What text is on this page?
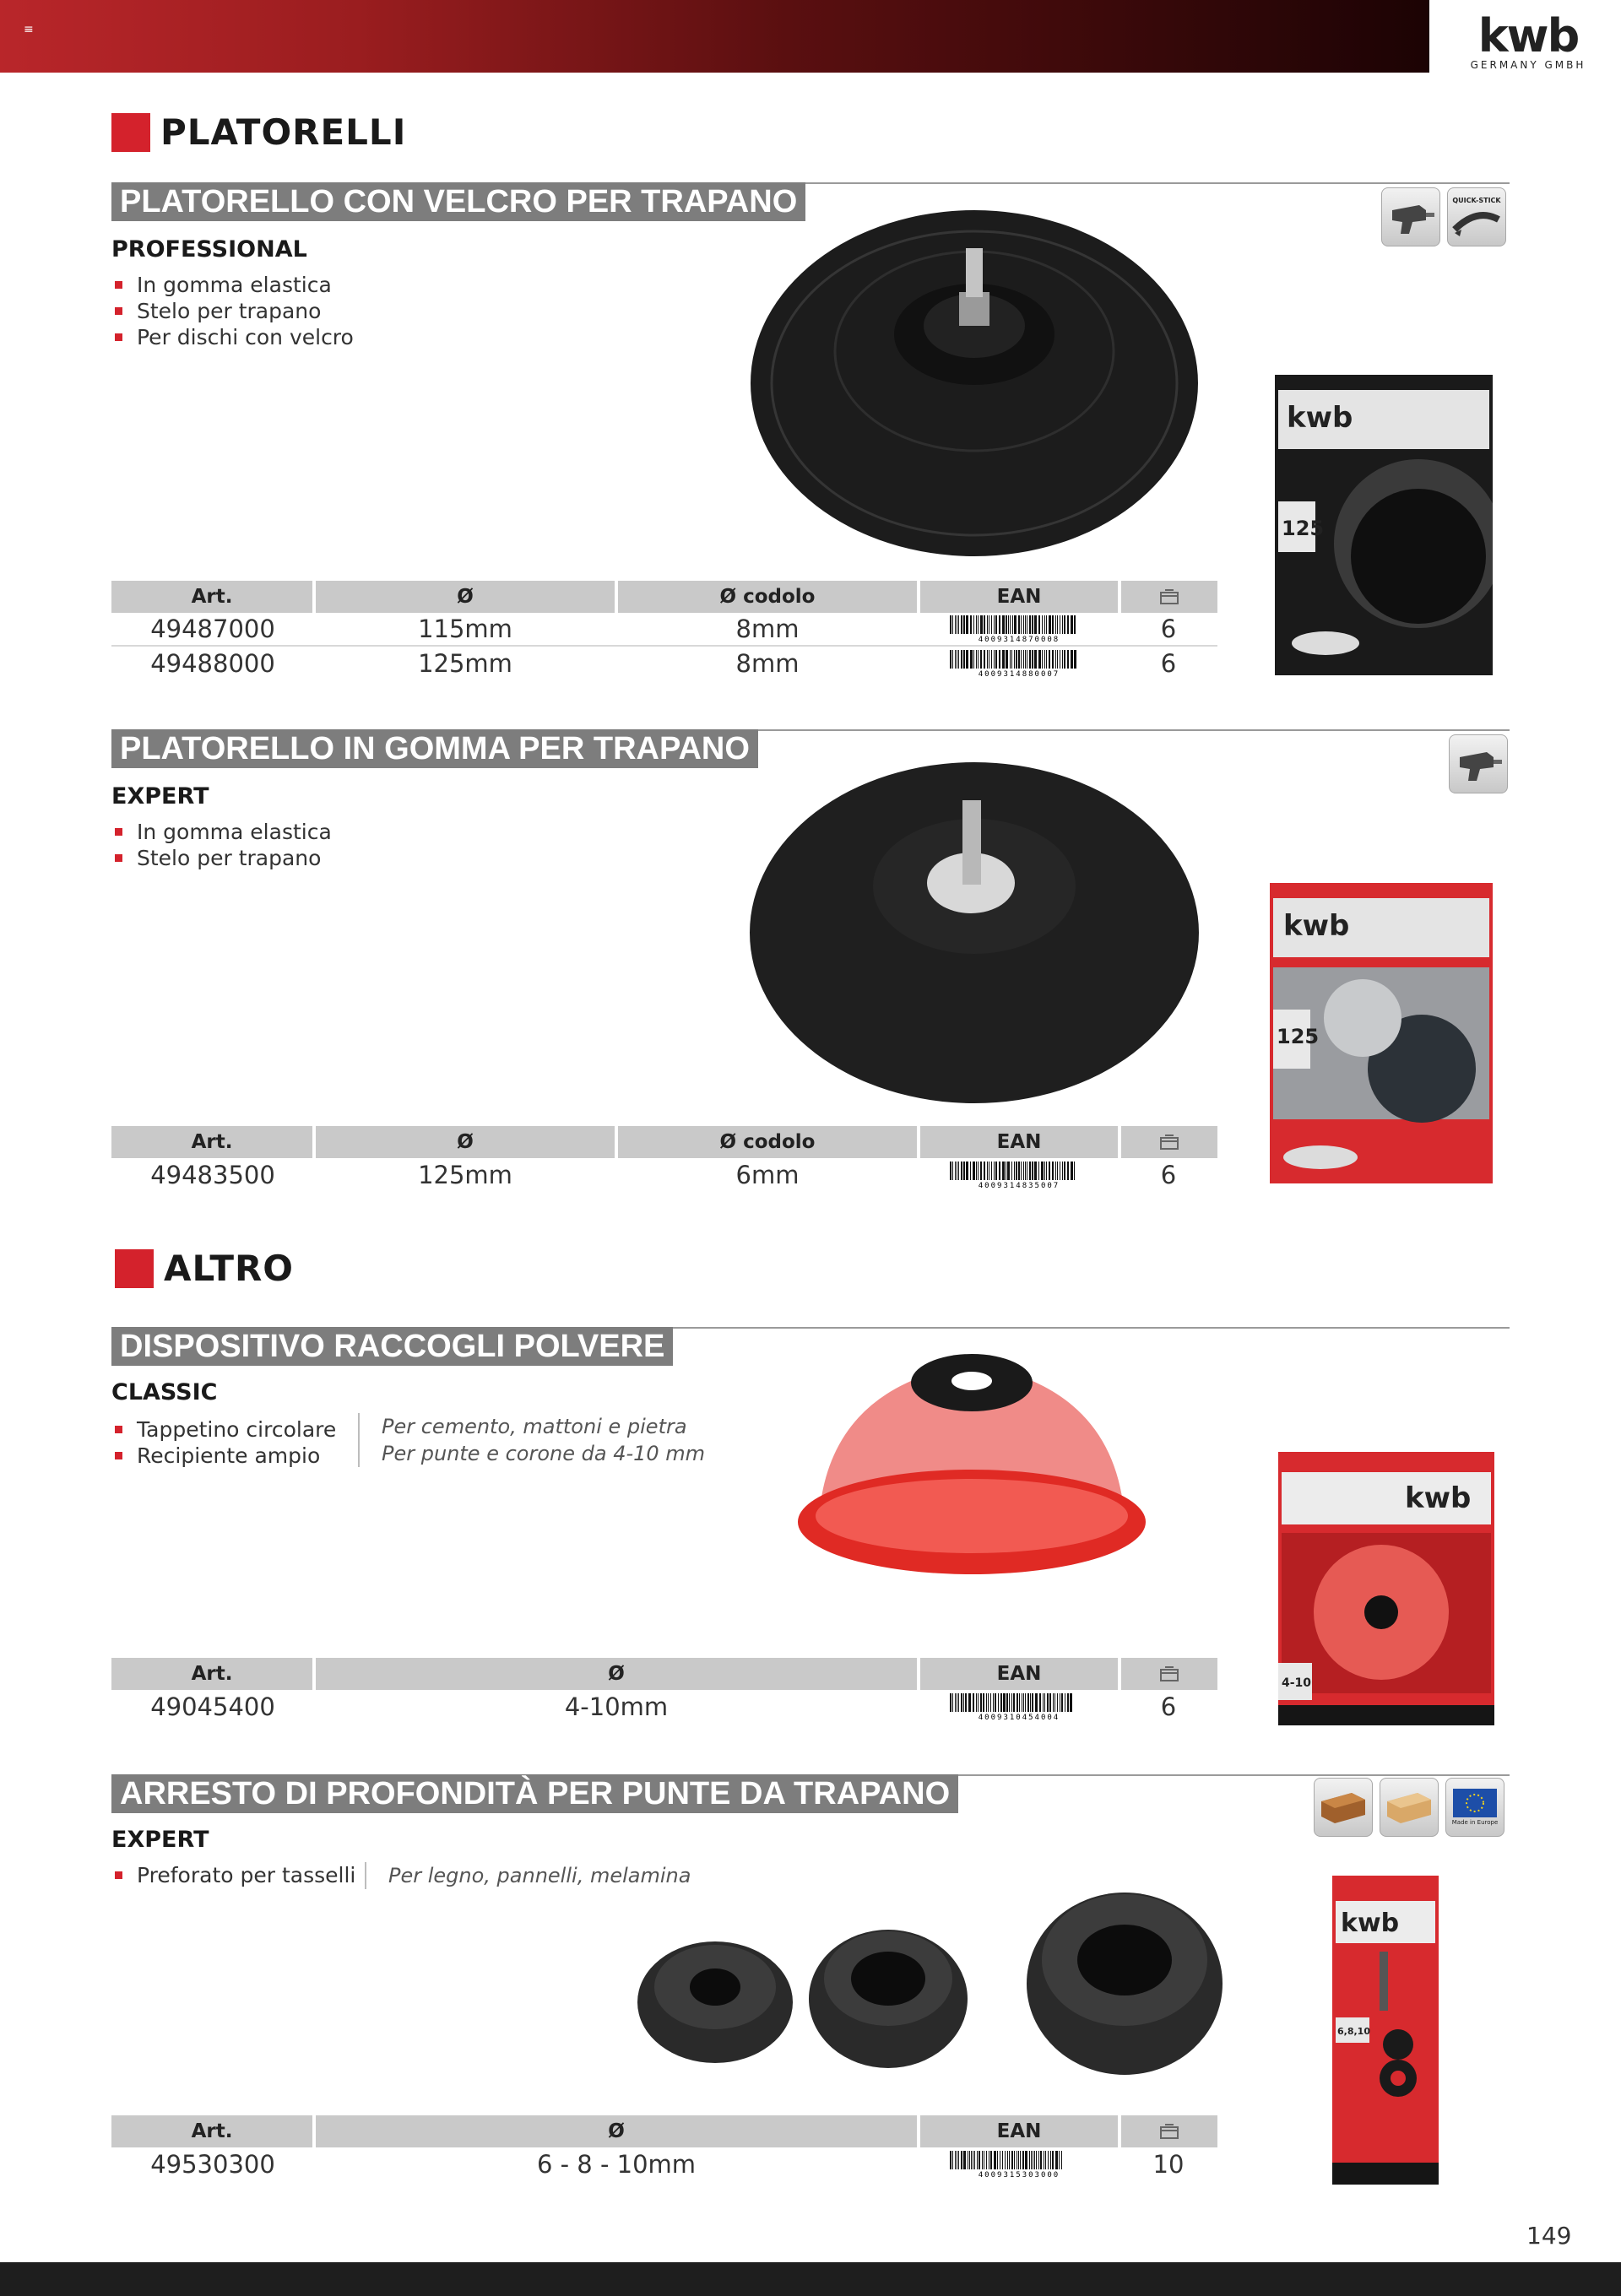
≡	kwb
GERMANY GMBH
PLATORELLI
PLATORELLO CON VELCRO PER TRAPANO
PROFESSIONAL
In gomma elastica
Stelo per trapano
Per dischi con velcro
QUICK-STICK
kwb
125
Art.	Ø	Ø codolo	EAN
49487000	115mm	8mm	4009314870008	6
49488000	125mm	8mm	4009314880007	6
PLATORELLO IN GOMMA PER TRAPANO
EXPERT
In gomma elastica
Stelo per trapano
kwb
125
Art.	Ø	Ø codolo	EAN
49483500	125mm	6mm	4009314835007	6
ALTRO
DISPOSITIVO RACCOGLI POLVERE
CLASSIC
Tappetino circolare
Recipiente ampio
Per cemento, mattoni e pietra
Per punte e corone da 4-10 mm
kwb
4-10
Art.	Ø	EAN
49045400	4-10mm	4009310454004	6
ARRESTO DI PROFONDITÀ PER PUNTE DA TRAPANO
EXPERT
Preforato per tasselli Per legno, pannelli, melamina
Made in Europe
kwb
6,8,10
Art.	Ø	EAN
49530300	6 - 8 - 10mm	4009315303000	10
149
